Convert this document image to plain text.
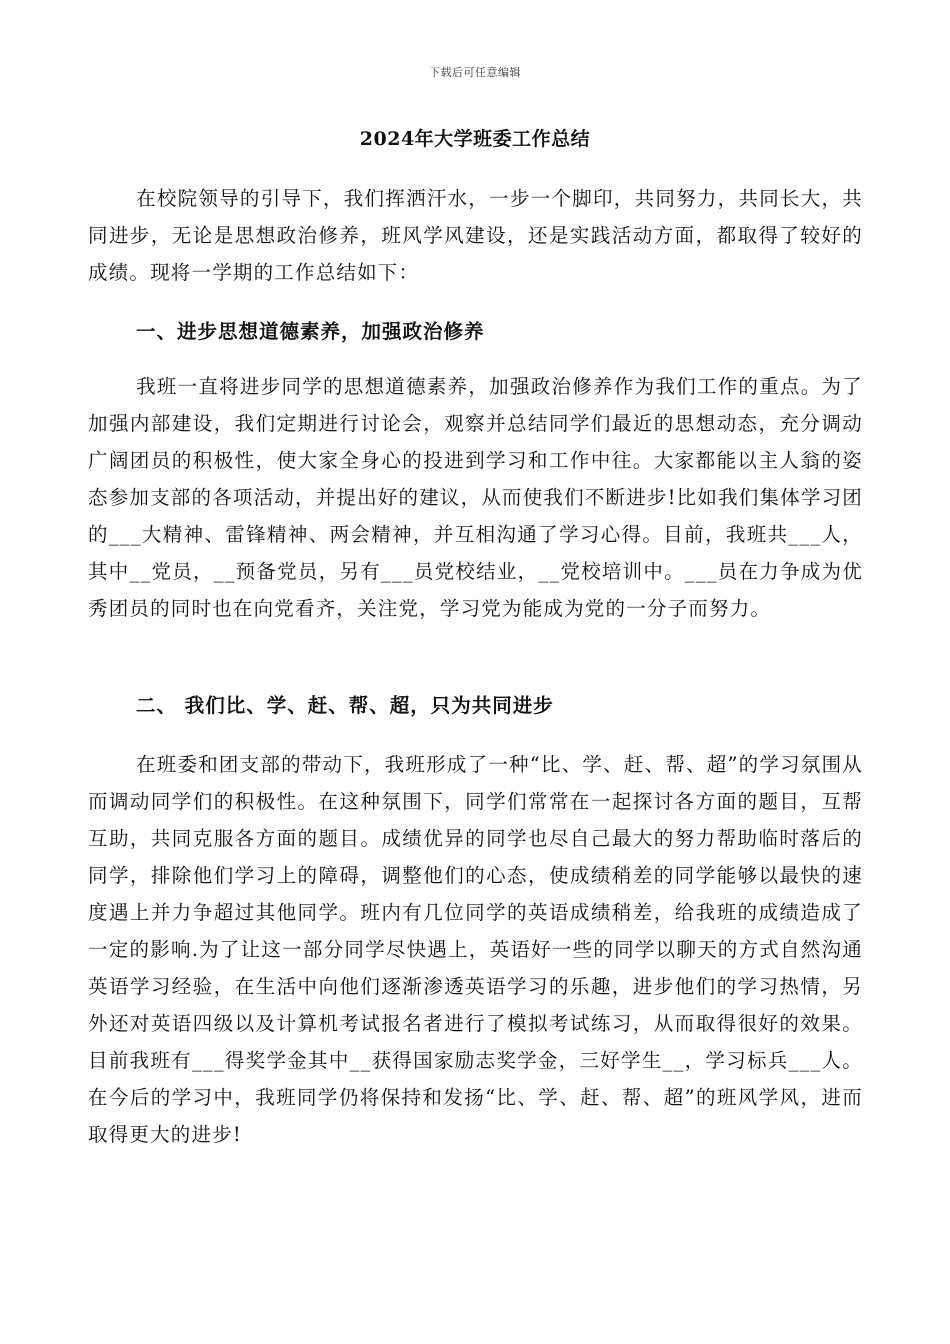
下载后可任意编辑
2024年大学班委工作总结

在校院领导的引导下，我们挥洒汗水，一步一个脚印，共同努力，共同长大，共同进步，无论是思想政治修养，班风学风建设，还是实践活动方面，都取得了较好的成绩。现将一学期的工作总结如下：

一、进步思想道德素养，加强政治修养

我班一直将进步同学的思想道德素养，加强政治修养作为我们工作的重点。为了加强内部建设，我们定期进行讨论会，观察并总结同学们最近的思想动态，充分调动广阔团员的积极性，使大家全身心的投进到学习和工作中往。大家都能以主人翁的姿态参加支部的各项活动，并提出好的建议，从而使我们不断进步!比如我们集体学习团的___大精神、雷锋精神、两会精神，并互相沟通了学习心得。目前，我班共___人，其中__党员，__预备党员，另有___员党校结业，__党校培训中。___员在力争成为优秀团员的同时也在向党看齐，关注党，学习党为能成为党的一分子而努力。

二、 我们比、学、赶、帮、超，只为共同进步

在班委和团支部的带动下，我班形成了一种“比、学、赶、帮、超”的学习氛围从而调动同学们的积极性。在这种氛围下，同学们常常在一起探讨各方面的题目，互帮互助，共同克服各方面的题目。成绩优异的同学也尽自己最大的努力帮助临时落后的同学，排除他们学习上的障碍，调整他们的心态，使成绩稍差的同学能够以最快的速度遇上并力争超过其他同学。班内有几位同学的英语成绩稍差，给我班的成绩造成了一定的影响.为了让这一部分同学尽快遇上，英语好一些的同学以聊天的方式自然沟通英语学习经验，在生活中向他们逐渐渗透英语学习的乐趣，进步他们的学习热情，另外还对英语四级以及计算机考试报名者进行了模拟考试练习，从而取得很好的效果。目前我班有___得奖学金其中__获得国家励志奖学金，三好学生__，学习标兵___人。在今后的学习中，我班同学仍将保持和发扬“比、学、赶、帮、超”的班风学风，进而取得更大的进步!
